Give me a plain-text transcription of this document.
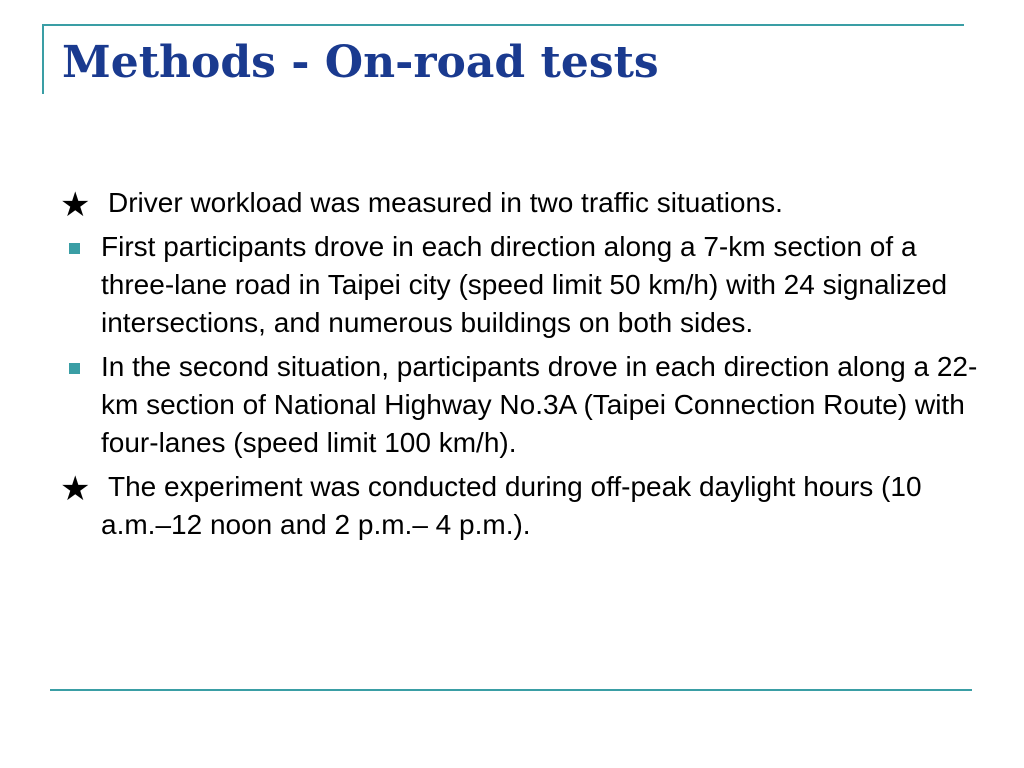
Methods - On-road tests
★ Driver workload was measured in two traffic situations.
First participants drove in each direction along a 7-km section of a three-lane road in Taipei city (speed limit 50 km/h) with 24 signalized intersections, and numerous buildings on both sides.
In the second situation, participants drove in each direction along a 22-km section of National Highway No.3A (Taipei Connection Route) with four-lanes (speed limit 100 km/h).
★ The experiment was conducted during off-peak daylight hours (10 a.m.–12 noon and 2 p.m.– 4 p.m.).
